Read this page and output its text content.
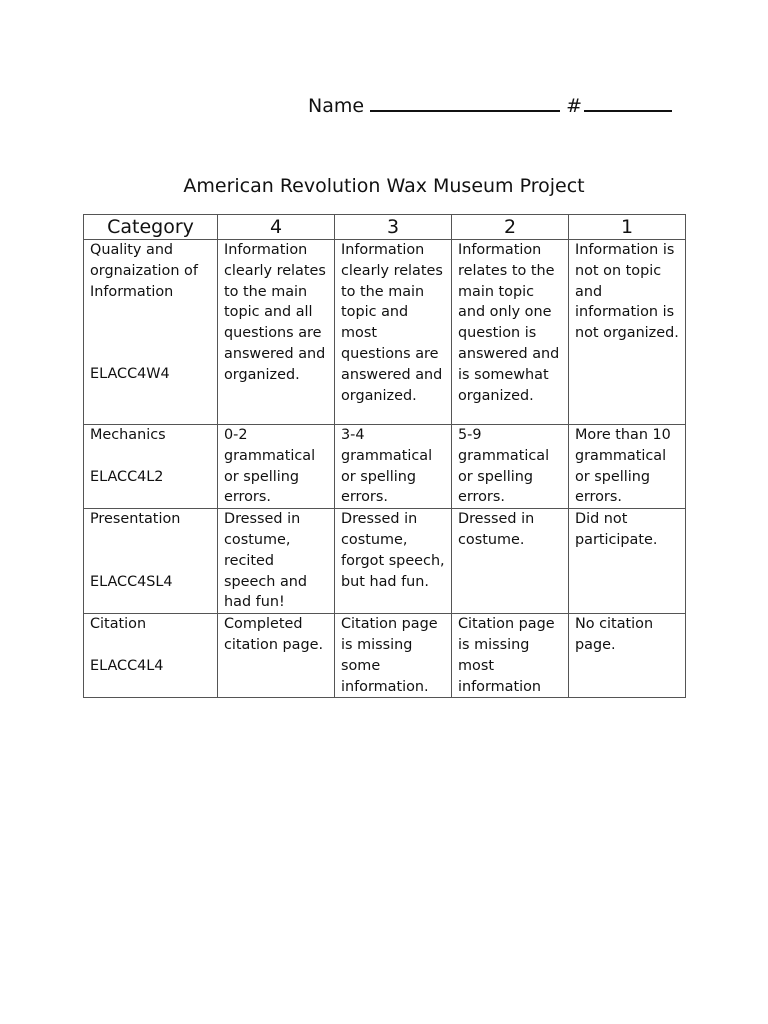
Name	#
American Revolution Wax Museum Project
Category	4	3	2	1

Quality and orgnaization of Information
ELACC4W4	Information clearly relates to the main topic and all questions are answered and organized.	Information clearly relates to the main topic and most questions are answered and organized.	Information relates to the main topic and only one question is answered and is somewhat organized.	Information is not on topic and information is not organized.

Mechanics
ELACC4L2	0-2 grammatical or spelling errors.	3-4 grammatical or spelling errors.	5-9 grammatical or spelling errors.	More than 10 grammatical or spelling errors.

Presentation
ELACC4SL4	Dressed in costume, recited speech and had fun!	Dressed in costume, forgot speech, but had fun.	Dressed in costume.	Did not participate.

Citation
ELACC4L4	Completed citation page.	Citation page is missing some information.	Citation page is missing most information	No citation page.
